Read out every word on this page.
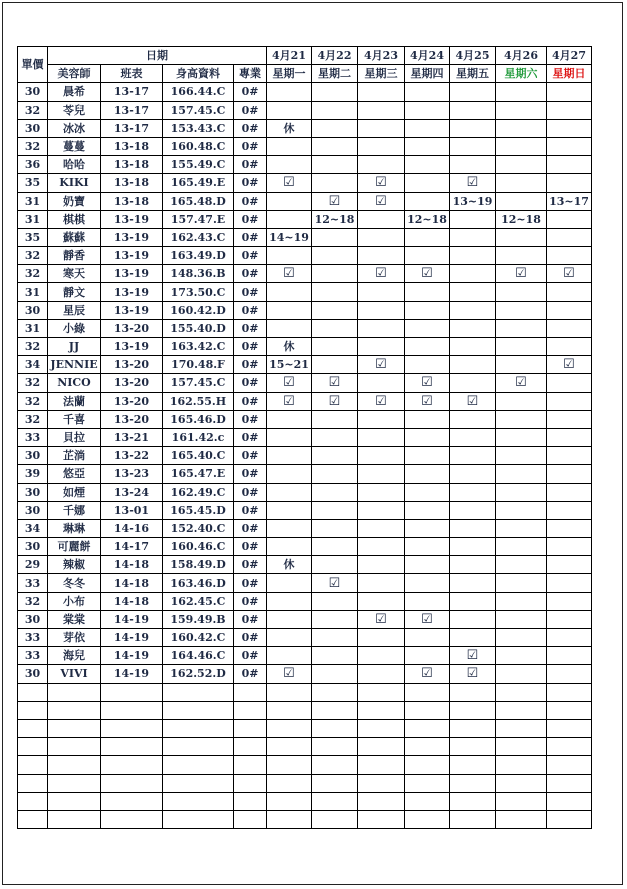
單價	日期				4月21	4月22	4月23	4月24	4月25	4月26	4月27
	美容師	班表	身高資料	專業	星期一	星期二	星期三	星期四	星期五	星期六	星期日
30	晨希	13-17	166.44.C	0#							
32	苓兒	13-17	157.45.C	0#							
30	冰冰	13-17	153.43.C	0#	休						
32	蔓蔓	13-18	160.48.C	0#							
36	哈哈	13-18	155.49.C	0#							
35	KIKI	13-18	165.49.E	0#	☑		☑		☑		
31	奶寶	13-18	165.48.D	0#		☑	☑		13~19		13~17
31	棋棋	13-19	157.47.E	0#		12~18		12~18		12~18	
35	蘇蘇	13-19	162.43.C	0#	14~19						
32	靜香	13-19	163.49.D	0#							
32	寒天	13-19	148.36.B	0#	☑		☑	☑		☑	☑
31	靜文	13-19	173.50.C	0#							
30	星辰	13-19	160.42.D	0#							
31	小綠	13-20	155.40.D	0#							
32	JJ	13-19	163.42.C	0#	休						
34	JENNIE	13-20	170.48.F	0#	15~21		☑				☑
32	NICO	13-20	157.45.C	0#	☑	☑		☑		☑	
32	法蘭	13-20	162.55.H	0#	☑	☑	☑	☑	☑		
32	千喜	13-20	165.46.D	0#							
33	貝拉	13-21	161.42.c	0#							
30	芷淌	13-22	165.40.C	0#							
39	悠亞	13-23	165.47.E	0#							
30	如煙	13-24	162.49.C	0#							
30	千娜	13-01	165.45.D	0#							
34	琳琳	14-16	152.40.C	0#							
30	可麗餅	14-17	160.46.C	0#							
29	辣椒	14-18	158.49.D	0#	休						
33	冬冬	14-18	163.46.D	0#		☑					
32	小布	14-18	162.45.C	0#							
30	棠棠	14-19	159.49.B	0#			☑	☑			
33	芽依	14-19	160.42.C	0#							
33	海兒	14-19	164.46.C	0#					☑		
30	VIVI	14-19	162.52.D	0#	☑			☑	☑		
